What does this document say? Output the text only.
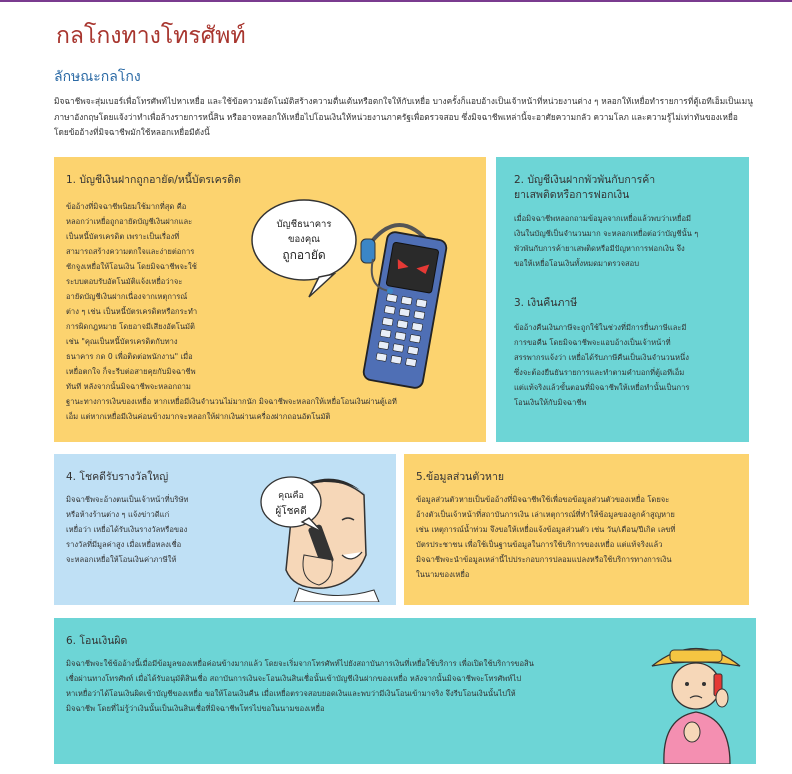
กลโกงทางโทรศัพท์
ลักษณะกลโกง
มิจฉาชีพจะสุ่มเบอร์เพื่อโทรศัพท์ไปหาเหยื่อ และใช้ข้อความอัตโนมัติสร้างความตื่นเต้นหรือตกใจให้กับเหยื่อ บางครั้งก็แอบอ้างเป็นเจ้าหน้าที่หน่วยงานต่าง ๆ หลอกให้เหยื่อทำรายการที่ตู้เอทีเอ็มเป็นเมนูภาษาอังกฤษโดยแจ้งว่าทำเพื่อล้างรายการหนี้สิน หรืออาจหลอกให้เหยื่อไปโอนเงินให้หน่วยงานภาครัฐเพื่อตรวจสอบ ซึ่งมิจฉาชีพเหล่านี้จะอาศัยความกลัว ความโลภ และความรู้ไม่เท่าทันของเหยื่อ โดยข้ออ้างที่มิจฉาชีพมักใช้หลอกเหยื่อมีดังนี้
1. บัญชีเงินฝากถูกอายัด/หนี้บัตรเครดิต
ข้ออ้างที่มิจฉาชีพนิยมใช้มากที่สุด คือ
หลอกว่าเหยื่อถูกอายัดบัญชีเงินฝากและ
เป็นหนี้บัตรเครดิต เพราะเป็นเรื่องที่
สามารถสร้างความตกใจและง่ายต่อการ
ชักจูงเหยื่อให้โอนเงิน โดยมิจฉาชีพจะใช้
ระบบตอบรับอัตโนมัติแจ้งเหยื่อว่าจะ
อายัดบัญชีเงินฝากเนื่องจากเหตุการณ์
ต่าง ๆ เช่น เป็นหนี้บัตรเครดิตหรือกระทำ
การผิดกฎหมาย โดยอาจมีเสียงอัตโนมัติ
เช่น "คุณเป็นหนี้บัตรเครดิตกับทาง
ธนาคาร กด 0 เพื่อติดต่อพนักงาน" เมื่อ
เหยื่อตกใจ ก็จะรีบต่อสายคุยกับมิจฉาชีพ
ทันที หลังจากนั้นมิจฉาชีพจะหลอกถาม
ฐานะทางการเงินของเหยื่อ หากเหยื่อมีเงินจำนวนไม่มากนัก มิจฉาชีพจะหลอกให้เหยื่อโอนเงินผ่านตู้เอที
เอ็ม แต่หากเหยื่อมีเงินค่อนข้างมากจะหลอกให้ฝากเงินผ่านเครื่องฝากถอนอัตโนมัติ
บัญชีธนาคาร
ของคุณ
ถูกอายัด
2. บัญชีเงินฝากพัวพันกับการค้า
ยาเสพติดหรือการฟอกเงิน
เมื่อมิจฉาชีพหลอกถามข้อมูลจากเหยื่อแล้วพบว่าเหยื่อมี
เงินในบัญชีเป็นจำนวนมาก จะหลอกเหยื่อต่อว่าบัญชีนั้น ๆ
พัวพันกับการค้ายาเสพติดหรือมีปัญหาการฟอกเงิน จึง
ขอให้เหยื่อโอนเงินทั้งหมดมาตรวจสอบ
3. เงินคืนภาษี
ข้ออ้างคืนเงินภาษีจะถูกใช้ในช่วงที่มีการยื่นภาษีและมี
การขอคืน โดยมิจฉาชีพจะแอบอ้างเป็นเจ้าหน้าที่
สรรพากรแจ้งว่า เหยื่อได้รับภาษีคืนเป็นเงินจำนวนหนึ่ง
ซึ่งจะต้องยืนยันรายการและทำตามคำบอกที่ตู้เอทีเอ็ม
แต่แท้จริงแล้วขั้นตอนที่มิจฉาชีพให้เหยื่อทำนั้นเป็นการ
โอนเงินให้กับมิจฉาชีพ
4. โชคดีรับรางวัลใหญ่
มิจฉาชีพจะอ้างตนเป็นเจ้าหน้าที่บริษัท
หรือห้างร้านต่าง ๆ แจ้งข่าวดีแก่
เหยื่อว่า เหยื่อได้รับเงินรางวัลหรือของ
รางวัลที่มีมูลค่าสูง เมื่อเหยื่อหลงเชื่อ
จะหลอกเหยื่อให้โอนเงินค่าภาษีให้
คุณคือ
ผู้โชคดี
5.ข้อมูลส่วนตัวหาย
ข้อมูลส่วนตัวหายเป็นข้ออ้างที่มิจฉาชีพใช้เพื่อขอข้อมูลส่วนตัวของเหยื่อ โดยจะ
อ้างตัวเป็นเจ้าหน้าที่สถาบันการเงิน เล่าเหตุการณ์ที่ทำให้ข้อมูลของลูกค้าสูญหาย
เช่น เหตุการณ์น้ำท่วม จึงขอให้เหยื่อแจ้งข้อมูลส่วนตัว เช่น วัน/เดือน/ปีเกิด เลขที่
บัตรประชาชน เพื่อใช้เป็นฐานข้อมูลในการใช้บริการของเหยื่อ แต่แท้จริงแล้ว
มิจฉาชีพจะนำข้อมูลเหล่านี้ไปประกอบการปลอมแปลงหรือใช้บริการทางการเงิน
ในนามของเหยื่อ
6. โอนเงินผิด
มิจฉาชีพจะใช้ข้ออ้างนี้เมื่อมีข้อมูลของเหยื่อค่อนข้างมากแล้ว โดยจะเริ่มจากโทรศัพท์ไปยังสถาบันการเงินที่เหยื่อใช้บริการ เพื่อเปิดใช้บริการขอสิน
เชื่อผ่านทางโทรศัพท์ เมื่อได้รับอนุมัติสินเชื่อ สถาบันการเงินจะโอนเงินสินเชื่อนั้นเข้าบัญชีเงินฝากของเหยื่อ หลังจากนั้นมิจฉาชีพจะโทรศัพท์ไป
หาเหยื่อว่าได้โอนเงินผิดเข้าบัญชีของเหยื่อ ขอให้โอนเงินคืน เมื่อเหยื่อตรวจสอบยอดเงินและพบว่ามีเงินโอนเข้ามาจริง จึงรีบโอนเงินนั้นไปให้
มิจฉาชีพ โดยที่ไม่รู้ว่าเงินนั้นเป็นเงินสินเชื่อที่มิจฉาชีพโทรไปขอในนามของเหยื่อ
